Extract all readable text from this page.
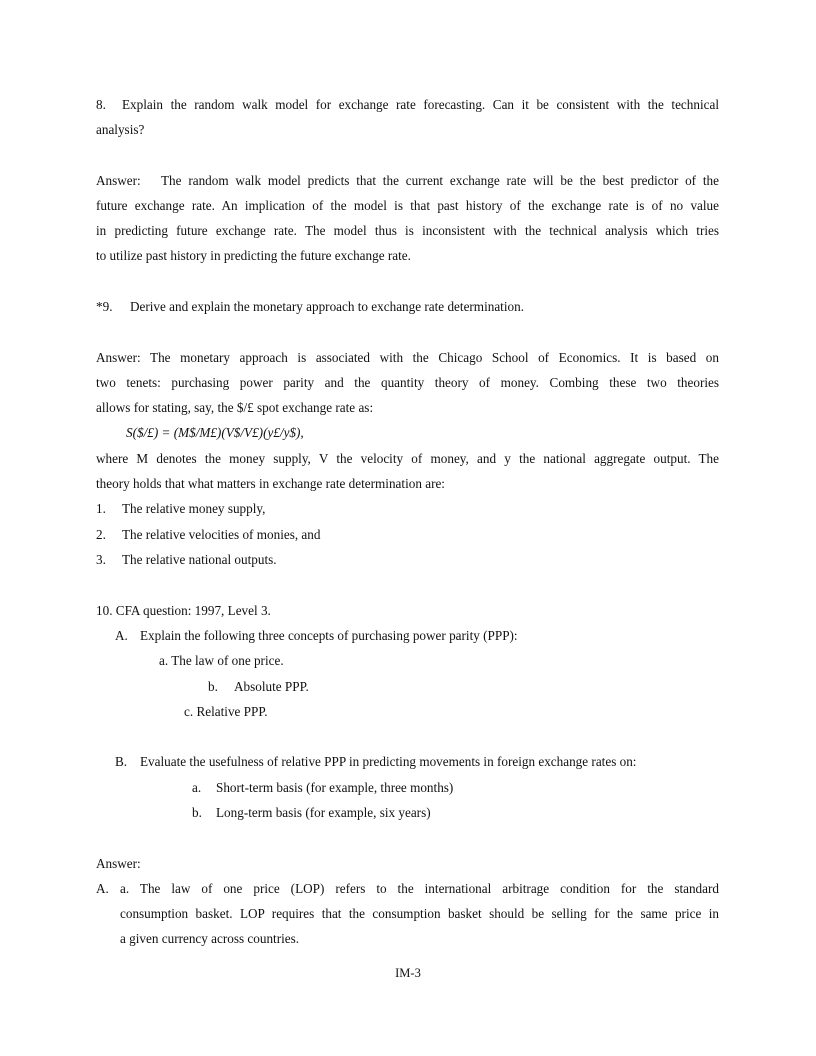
8. Explain the random walk model for exchange rate forecasting. Can it be consistent with the technical
analysis?
Answer: The random walk model predicts that the current exchange rate will be the best predictor of the
future exchange rate. An implication of the model is that past history of the exchange rate is of no value
in predicting future exchange rate. The model thus is inconsistent with the technical analysis which tries
to utilize past history in predicting the future exchange rate.
*9. Derive and explain the monetary approach to exchange rate determination.
Answer: The monetary approach is associated with the Chicago School of Economics. It is based on
two tenets: purchasing power parity and the quantity theory of money. Combing these two theories
allows for stating, say, the $/£ spot exchange rate as:
S($/£) = (M$/M£)(V$/V£)(y£/y$),
where M denotes the money supply, V the velocity of money, and y the national aggregate output. The
theory holds that what matters in exchange rate determination are:
1. The relative money supply,
2. The relative velocities of monies, and
3. The relative national outputs.
10. CFA question: 1997, Level 3.
A. Explain the following three concepts of purchasing power parity (PPP):
a. The law of one price.
b. Absolute PPP.
c. Relative PPP.
B. Evaluate the usefulness of relative PPP in predicting movements in foreign exchange rates on:
a. Short-term basis (for example, three months)
b. Long-term basis (for example, six years)
Answer:
A. a. The law of one price (LOP) refers to the international arbitrage condition for the standard
consumption basket. LOP requires that the consumption basket should be selling for the same price in
a given currency across countries.
IM-3
